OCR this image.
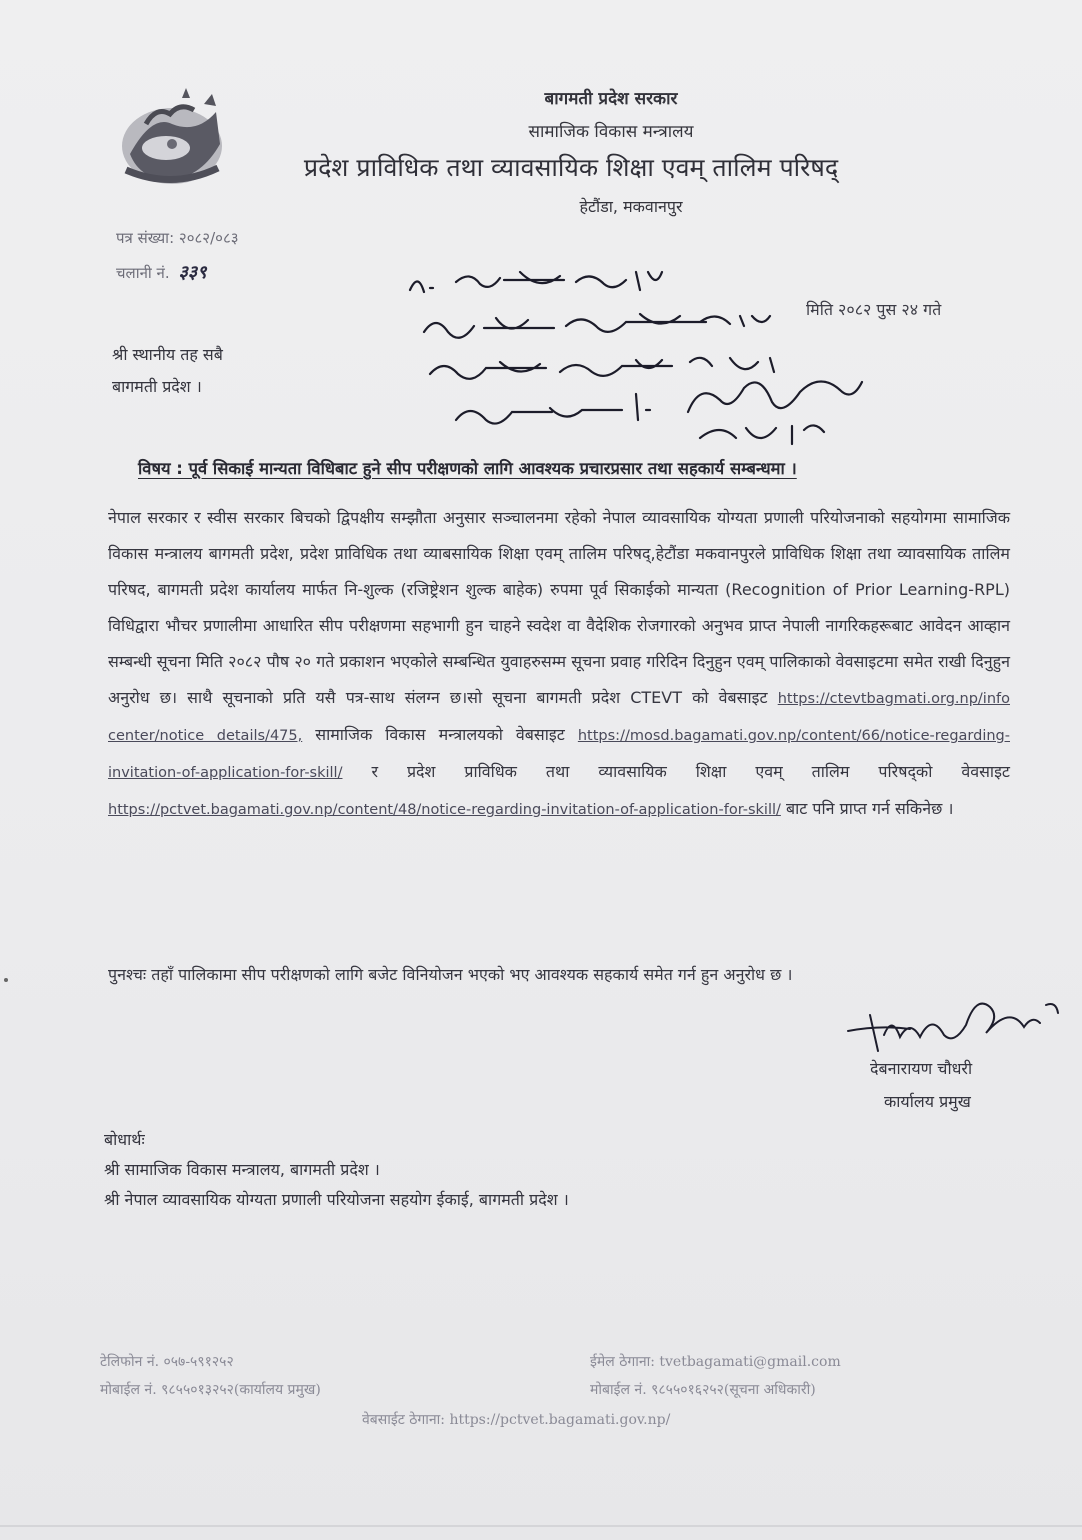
बागमती प्रदेश सरकार
सामाजिक विकास मन्त्रालय
प्रदेश प्राविधिक तथा व्यावसायिक शिक्षा एवम् तालिम परिषद्
हेटौंडा, मकवानपुर
पत्र संख्या: २०८२/०८३
चलानी नं. ३३९
मिति २०८२ पुस २४ गते
श्री स्थानीय तह सबै
बागमती प्रदेश ।
विषय : पूर्व सिकाई मान्यता विधिबाट हुने सीप परीक्षणको लागि आवश्यक प्रचारप्रसार तथा सहकार्य सम्बन्धमा ।

नेपाल सरकार र स्वीस सरकार बिचको द्विपक्षीय सम्झौता अनुसार सञ्चालनमा रहेको नेपाल व्यावसायिक योग्यता प्रणाली परियोजनाको सहयोगमा सामाजिक विकास मन्त्रालय बागमती प्रदेश, प्रदेश प्राविधिक तथा व्याबसायिक शिक्षा एवम् तालिम परिषद्,हेटौंडा मकवानपुरले प्राविधिक शिक्षा तथा व्यावसायिक तालिम परिषद, बागमती प्रदेश कार्यालय मार्फत नि-शुल्क (रजिष्ट्रेशन शुल्क बाहेक) रुपमा पूर्व सिकाईको मान्यता (Recognition of Prior Learning-RPL) विधिद्वारा भौचर प्रणालीमा आधारित सीप परीक्षणमा सहभागी हुन चाहने स्वदेश वा वैदेशिक रोजगारको अनुभव प्राप्त नेपाली नागरिकहरूबाट आवेदन आव्हान सम्बन्धी सूचना मिति २०८२ पौष २० गते प्रकाशन भएकोले सम्बन्धित युवाहरुसम्म सूचना प्रवाह गरिदिन दिनुहुन एवम् पालिकाको वेवसाइटमा समेत राखी दिनुहुन अनुरोध छ। साथै सूचनाको प्रति यसै पत्र-साथ संलग्न छ।सो सूचना बागमती प्रदेश CTEVT को वेबसाइट https://ctevtbagmati.org.np/info center/notice details/475, सामाजिक विकास मन्त्रालयको वेबसाइट https://mosd.bagamati.gov.np/content/66/notice-regarding-invitation-of-application-for-skill/ र प्रदेश प्राविधिक तथा व्यावसायिक शिक्षा एवम् तालिम परिषद्को वेवसाइट https://pctvet.bagamati.gov.np/content/48/notice-regarding-invitation-of-application-for-skill/ बाट पनि प्राप्त गर्न सकिनेछ ।

पुनश्चः तहाँ पालिकामा सीप परीक्षणको लागि बजेट विनियोजन भएको भए आवश्यक सहकार्य समेत गर्न हुन अनुरोध छ ।
देबनारायण चौधरी
कार्यालय प्रमुख
बोधार्थः
श्री सामाजिक विकास मन्त्रालय, बागमती प्रदेश ।
श्री नेपाल व्यावसायिक योग्यता प्रणाली परियोजना सहयोग ईकाई, बागमती प्रदेश ।
टेलिफोन नं. ०५७-५९१२५२	ईमेल ठेगाना: tvetbagamati@gmail.com
मोबाईल नं. ९८५५०१३२५२(कार्यालय प्रमुख)	मोबाईल नं. ९८५५०१६२५२(सूचना अधिकारी)
वेबसाईट ठेगाना: https://pctvet.bagamati.gov.np/
